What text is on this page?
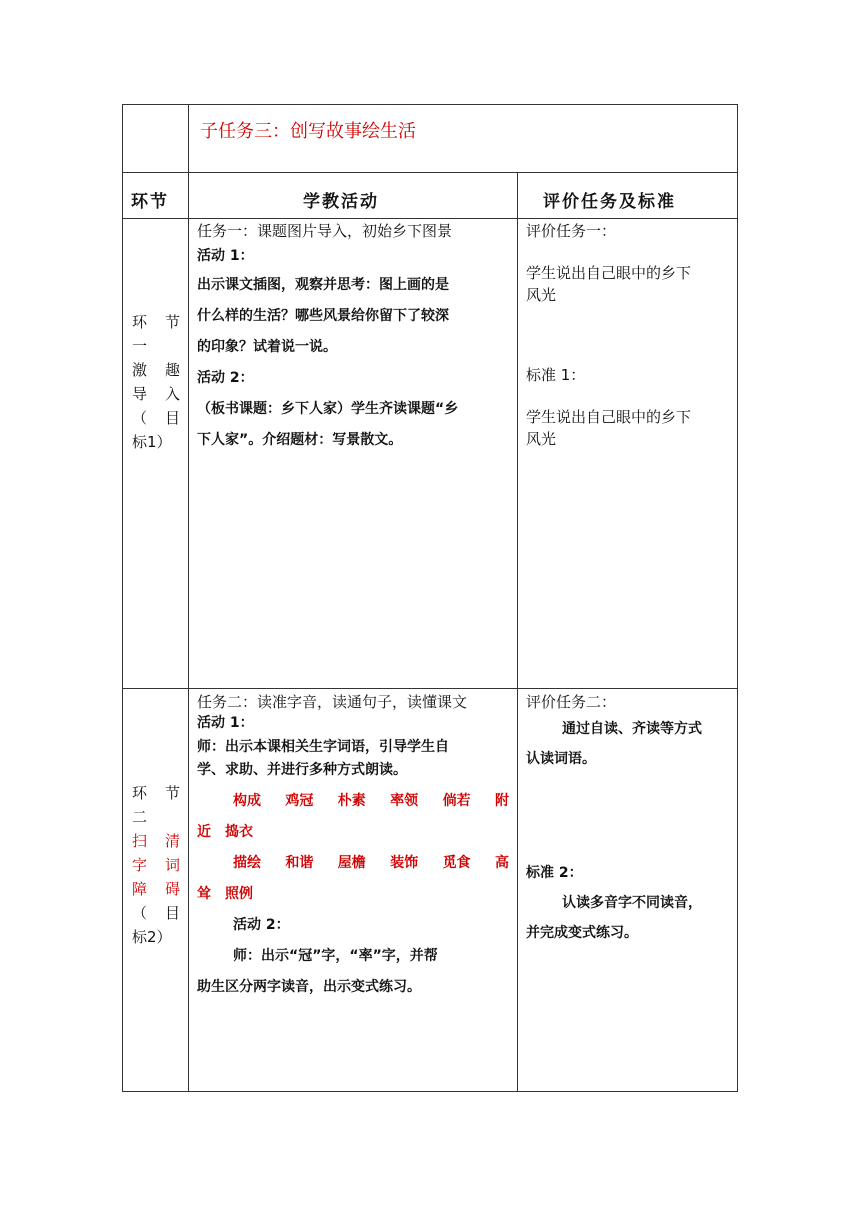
子任务三：创写故事绘生活
环节	学教活动	评价任务及标准
环 节
一
激 趣
导 入
（ 目
标1）
任务一：课题图片导入，初始乡下图景
活动 1：
出示课文插图，观察并思考：图上画的是
什么样的生活？哪些风景给你留下了较深
的印象？试着说一说。
活动 2：
（板书课题：乡下人家）学生齐读课题“乡
下人家”。介绍题材：写景散文。
评价任务一：
学生说出自己眼中的乡下
风光
标准 1：
学生说出自己眼中的乡下
风光
环 节
二
扫 清
字 词
障 碍
（ 目
标2）
任务二：读准字音，读通句子，读懂课文
活动 1：
师：出示本课相关生字词语，引导学生自
学、求助、并进行多种方式朗读。
构成 鸡冠 朴素 率领 倘若 附
近 捣衣
描绘 和谐 屋檐 装饰 觅食 高
耸 照例
活动 2：
师：出示“冠”字，“率”字，并帮
助生区分两字读音，出示变式练习。
评价任务二：
通过自读、齐读等方式
认读词语。
标准 2：
认读多音字不同读音，
并完成变式练习。
